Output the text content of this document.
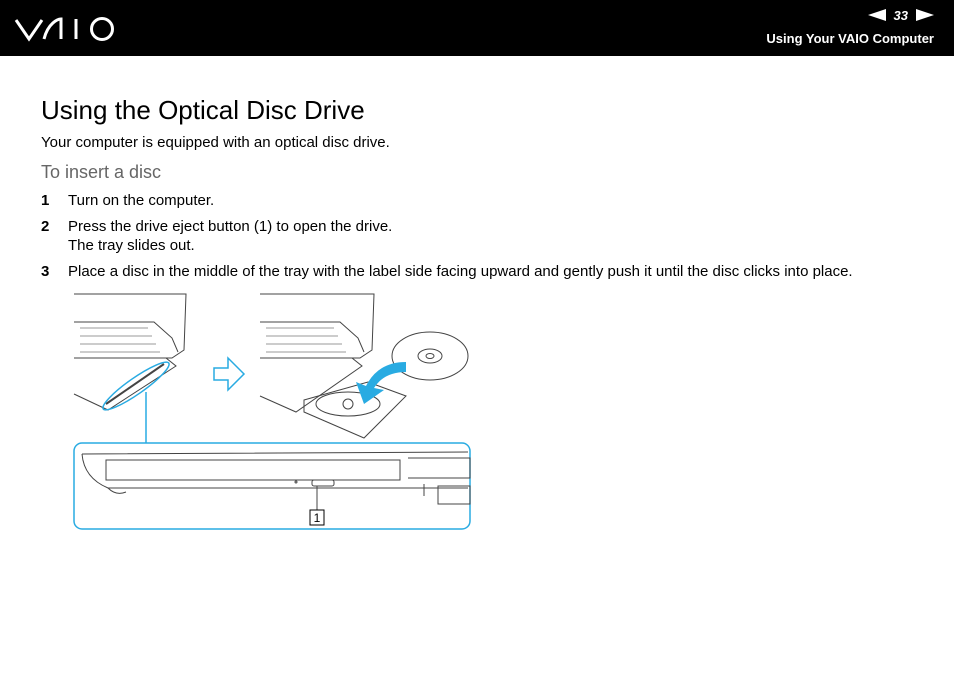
33
Using Your VAIO Computer
Using the Optical Disc Drive
Your computer is equipped with an optical disc drive.
To insert a disc
1 Turn on the computer.
2 Press the drive eject button (1) to open the drive.
The tray slides out.
3 Place a disc in the middle of the tray with the label side facing upward and gently push it until the disc clicks into place.
1
